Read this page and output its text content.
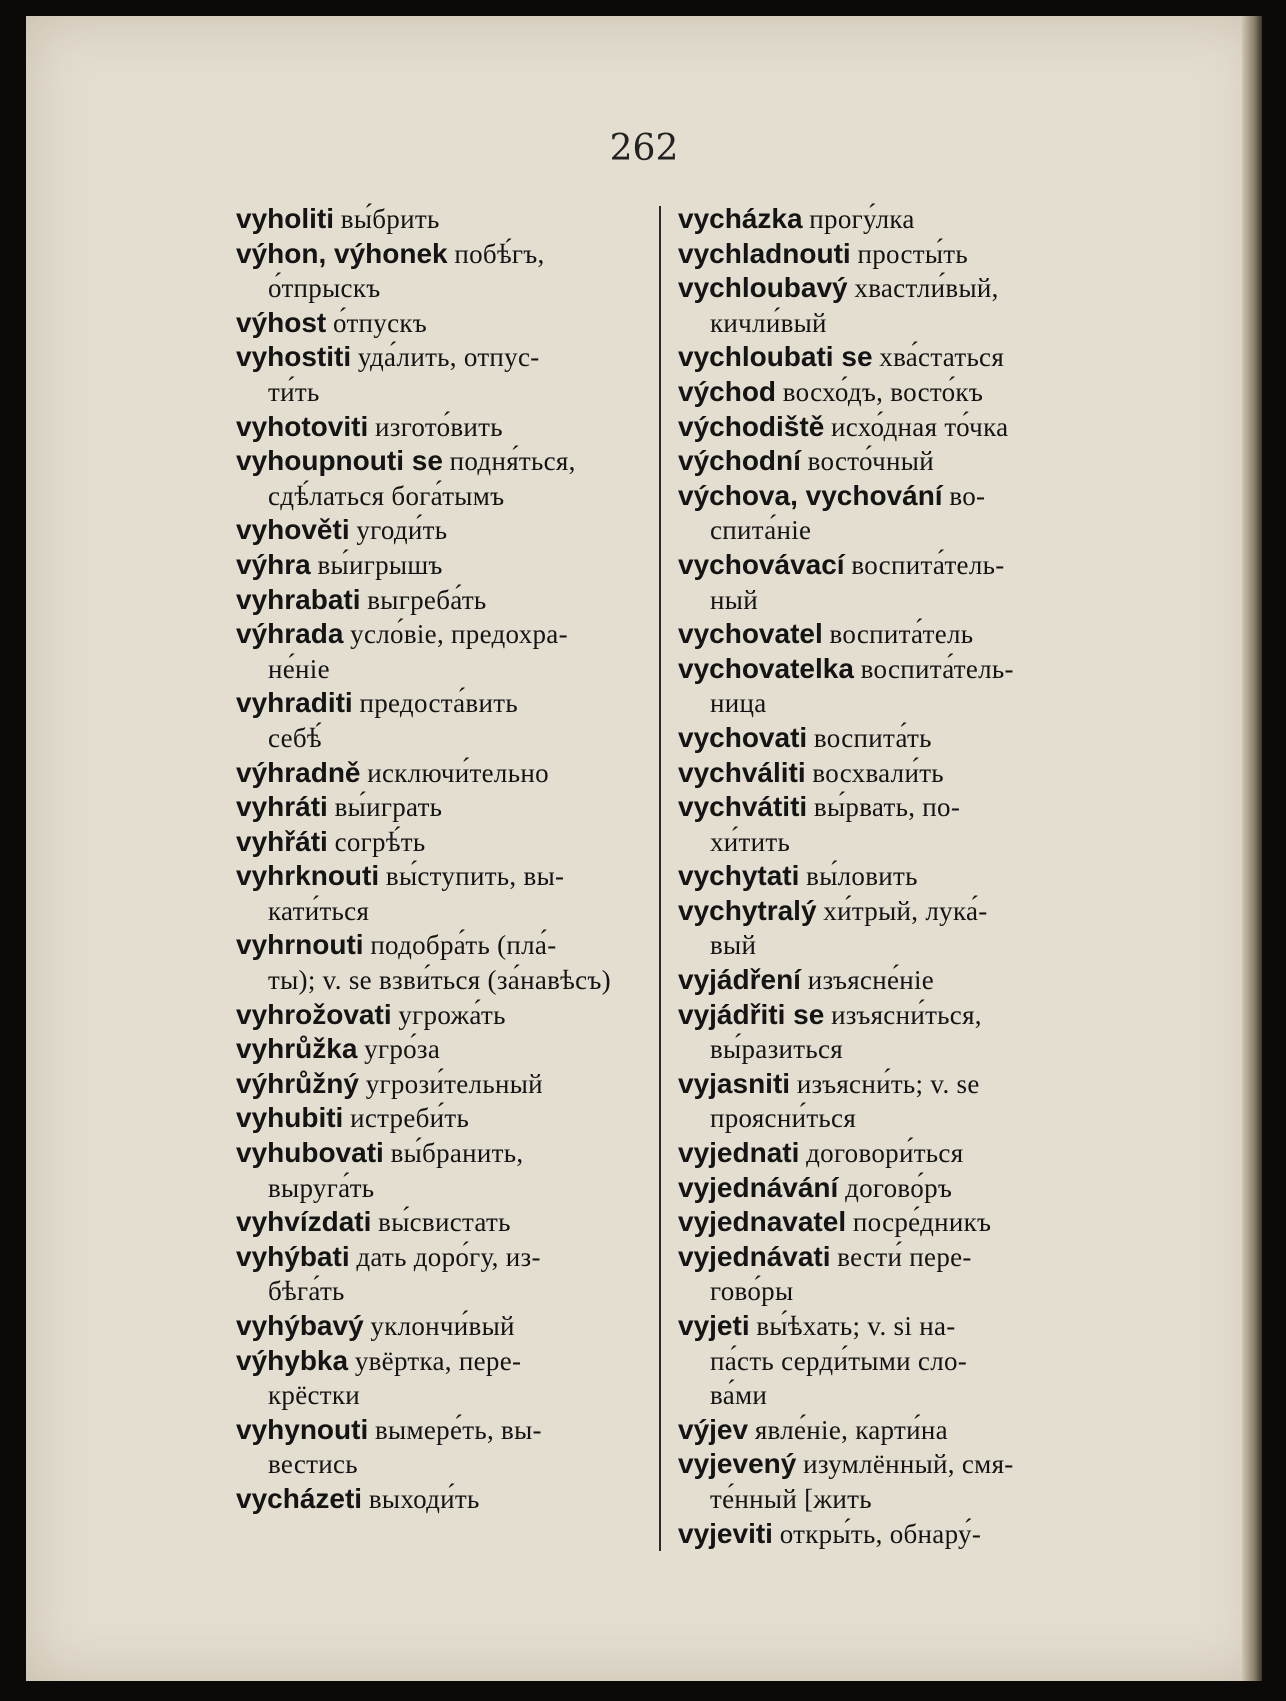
262

vyholiti вы́брить

výhon, výhonek побѣ́гъ,
о́тпрыскъ

výhost о́тпускъ

vyhostiti уда́лить, отпус-
ти́ть

vyhotoviti изгото́вить

vyhoupnouti se подня́ться,
сдѣ́латься бога́тымъ

vyhověti угоди́ть

výhra вы́игрышъ

vyhrabati выгреба́ть

výhrada усло́віе, предохра-
не́ніе

vyhraditi предоста́вить
себѣ́

výhradně исключи́тельно

vyhráti вы́играть

vyhřáti согрѣ́ть

vyhrknouti вы́ступить, вы-
кати́ться

vyhrnouti подобра́ть (пла́-
ты); v. se взви́ться (за́навѣсъ)

vyhrožovati угрожа́ть

vyhrůžka угро́за

výhrůžný угрози́тельный

vyhubiti истреби́ть

vyhubovati вы́бранить,
выруга́ть

vyhvízdati вы́свистать

vyhýbati дать доро́гу, из-
бѣга́ть

vyhýbavý уклончи́вый

výhybka увёртка, пере-
крёстки

vyhynouti вымере́ть, вы-
вестись

vycházeti выходи́ть

vycházka прогу́лка

vychladnouti просты́ть

vychloubavý хвастли́вый,
кичли́вый

vychloubati se хва́статься

východ восхо́дъ, восто́къ

východiště исхо́дная то́чка

východní восто́чный

výchova, vychování во-
спита́ніе

vychovávací воспита́тель-
ный

vychovatel воспита́тель

vychovatelka воспита́тель-
ница

vychovati воспита́ть

vychváliti восхвали́ть

vychvátiti вы́рвать, по-
хи́тить

vychytati вы́ловить

vychytralý хи́трый, лука́-
вый

vyjádření изъясне́ніе

vyjádřiti se изъясни́ться,
вы́разиться

vyjasniti изъясни́ть; v. se
проясни́ться

vyjednati договори́ться

vyjednávání догово́ръ

vyjednavatel посре́дникъ

vyjednávati вести́ пере-
гово́ры

vyjeti вы́ѣхать; v. si на-
па́сть серди́тыми сло-
ва́ми

výjev явле́ніе, карти́на

vyjevený изумлённый, смя-
те́нный [жить

vyjeviti откры́ть, обнару́-
